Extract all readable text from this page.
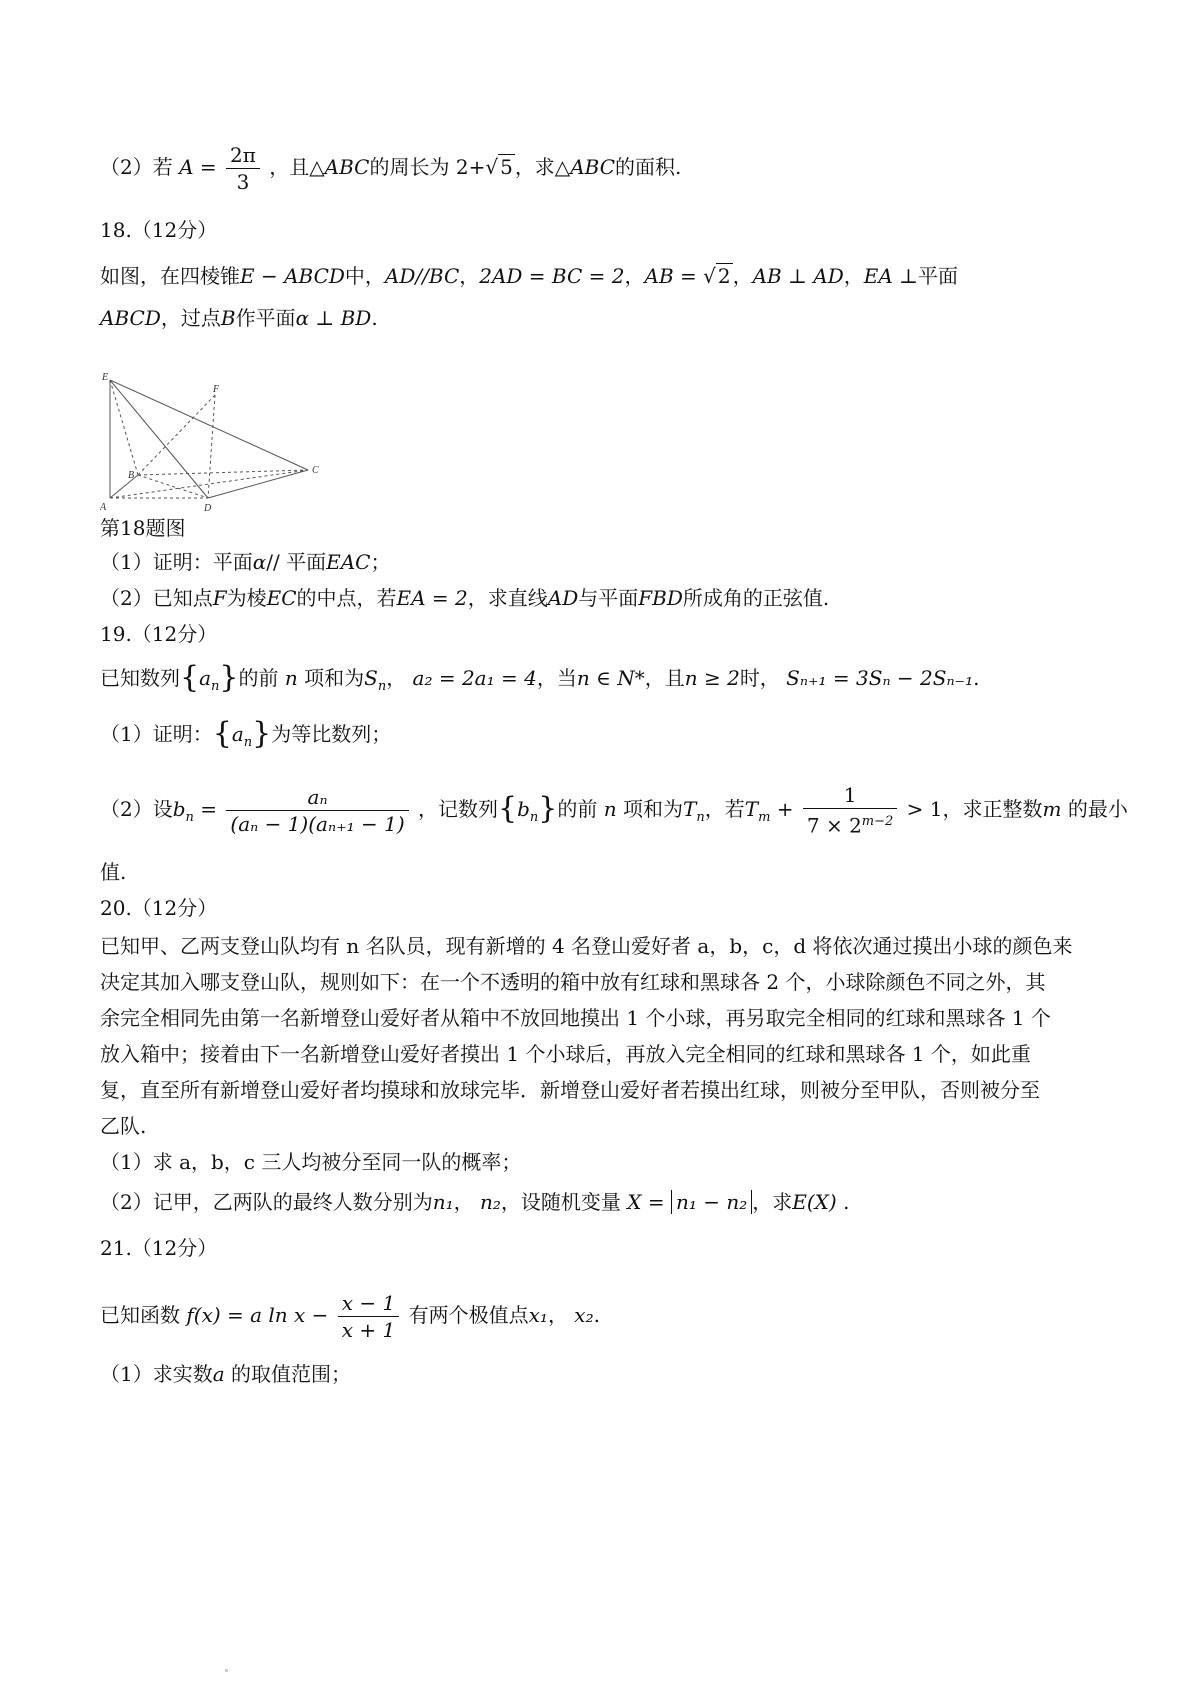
（2）若 $A = \frac{2\pi}{3}$ ，且△ABC的周长为 2+√ 5 ，求△ABC的面积.
18.（12分）
如图，在四棱锥E − ABCD中，AD//BC，2AD = BC = 2，AB = √ 2 ，AB ⊥ AD，EA ⊥平面
ABCD，过点B作平面α ⊥ BD.
E
F
B	C
A	D
第18题图
（1）证明：平面α// 平面EAC；
（2）已知点F为棱EC的中点，若EA = 2，求直线AD与平面FBD所成角的正弦值.
19.（12分）
已知数列$\{a_n\}$的前 n 项和为$S_n$， a₂ = 2a₁ = 4，当n ∈ N*，且n ≥ 2时， Sₙ₊₁ = 3Sₙ − 2Sₙ₋₁.
（1）证明：$\{a_n\}$为等比数列；
（2）设$b_n = \frac{\text{aₙ}}{\text{(aₙ − 1)(aₙ₊₁ − 1)}}$ ，记数列$\{b_n\}$的前 n 项和为$T_n$，若$T_m + \frac{1}{7 \times 2^{m-2}} > 1$，求正整数m 的最小
值.
20.（12分）
已知甲、乙两支登山队均有 n 名队员，现有新增的 4 名登山爱好者 a，b，c，d 将依次通过摸出小球的颜色来
决定其加入哪支登山队，规则如下：在一个不透明的箱中放有红球和黑球各 2 个，小球除颜色不同之外，其
余完全相同先由第一名新增登山爱好者从箱中不放回地摸出 1 个小球，再另取完全相同的红球和黑球各 1 个
放入箱中；接着由下一名新增登山爱好者摸出 1 个小球后，再放入完全相同的红球和黑球各 1 个，如此重
复，直至所有新增登山爱好者均摸球和放球完毕．新增登山爱好者若摸出红球，则被分至甲队，否则被分至
乙队.
（1）求 a，b，c 三人均被分至同一队的概率；
（2）记甲，乙两队的最终人数分别为n₁， n₂，设随机变量 X = n₁ − n₂ ，求E(X) .
21.（12分）
已知函数 f(x) = a $\ln x - \frac{x - 1}{x + 1}$ 有两个极值点x₁， x₂.
（1）求实数a 的取值范围；
